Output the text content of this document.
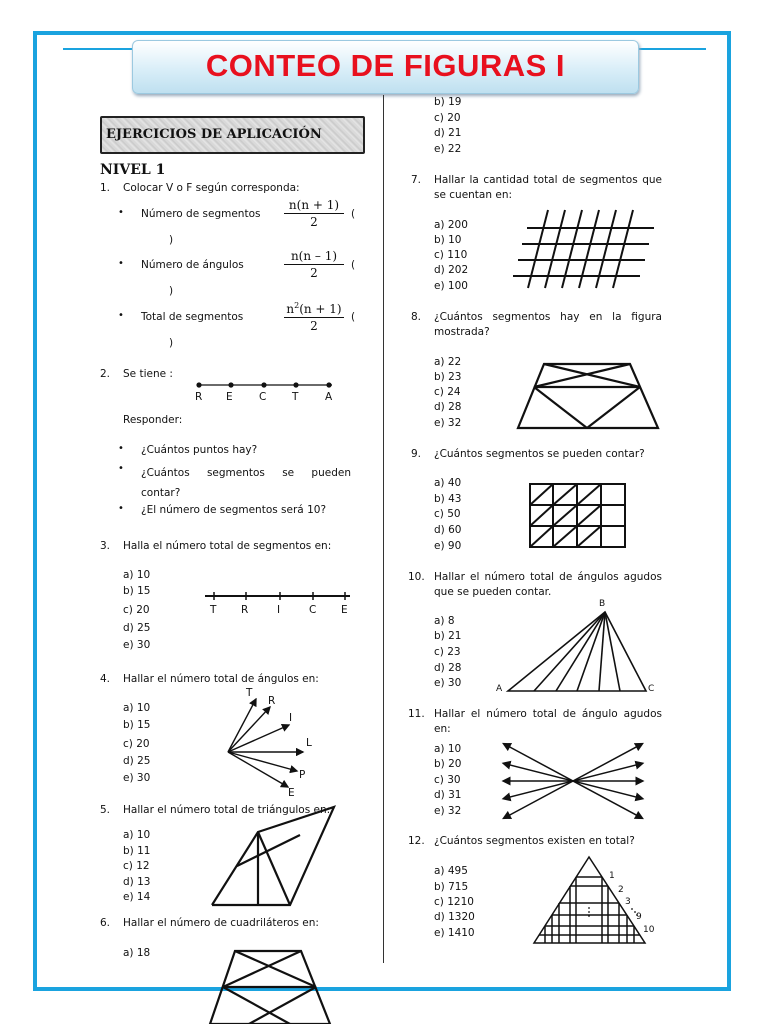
CONTEO DE FIGURAS I
EJERCICIOS DE APLICACIÓN
NIVEL 1
1. Colocar V o F según corresponda:
• Número de segmentos $\frac{n(n + 1)}{2}$ (
)
• Número de ángulos	$\frac{n(n - 1)}{2}$ (
)
• Total de segmentos	$\frac{n^2(n + 1)}{2}$ (
)
2. Se tiene :
R E	C T	A
Responder:
• ¿Cuántos puntos hay?
• ¿Cuántos segmentos se pueden contar?
• ¿El número de segmentos será 10?
3. Halla el número total de segmentos en:
a) 10
b) 15
c) 20
d) 25
e) 30
T R	I	C E
4. Hallar el número total de ángulos en:
a) 10
b) 15
c) 20
d) 25
e) 30
T
R
I
L
P
E
5. Hallar el número total de triángulos en:
a) 10
b) 11
c) 12
d) 13
e) 14
6. Hallar el número de cuadriláteros en:
a) 18
b) 19
c) 20
d) 21
e) 22
7. Hallar la cantidad total de segmentos que se cuentan en:
a) 200
b) 10
c) 110
d) 202
e) 100
8. ¿Cuántos segmentos hay en la figura mostrada?
a) 22
b) 23
c) 24
d) 28
e) 32
9. ¿Cuántos segmentos se pueden contar?
a) 40
b) 43
c) 50
d) 60
e) 90
10. Hallar el número total de ángulos agudos que se pueden contar.
a) 8
b) 21
c) 23
d) 28
e) 30
B
A	C
11. Hallar el número total de ángulo agudos en:
a) 10
b) 20
c) 30
d) 31
e) 32
12. ¿Cuántos segmentos existen en total?
a) 495
b) 715
c) 1210
d) 1320
e) 1410
1
2
3
9
10
